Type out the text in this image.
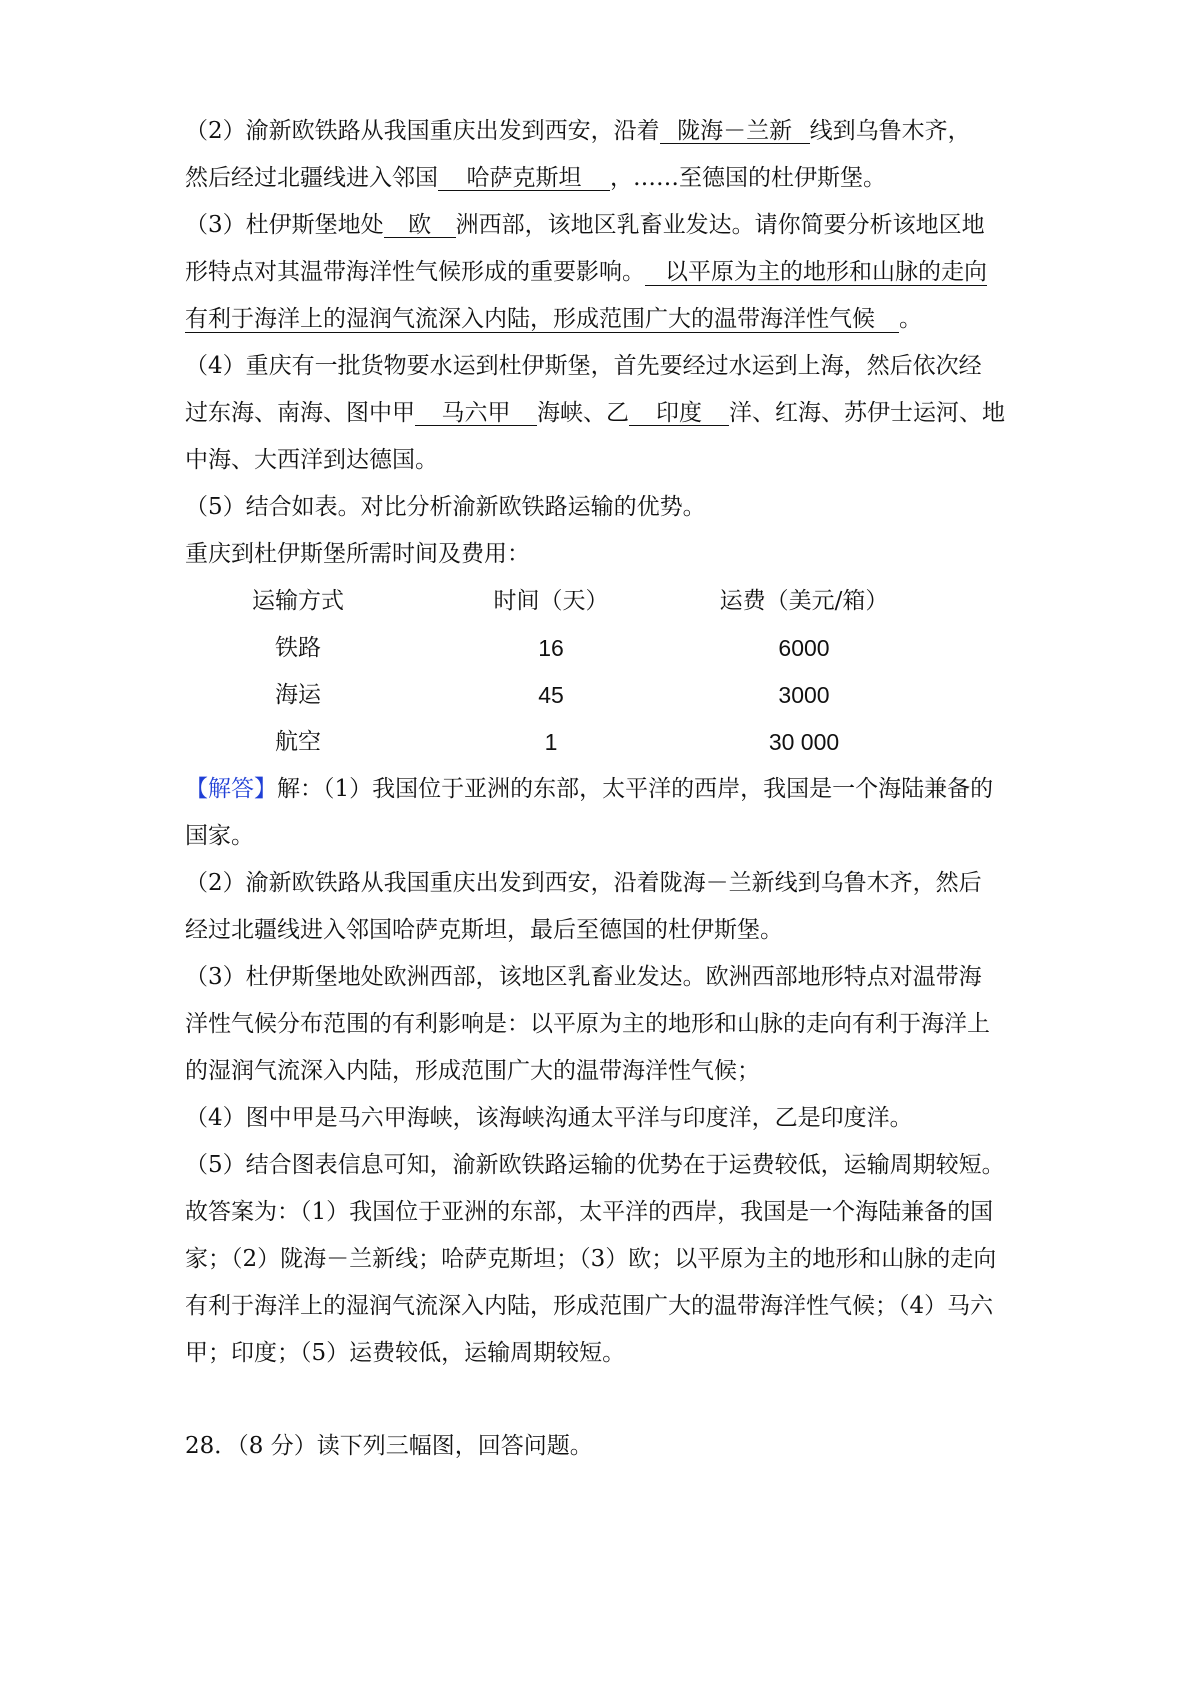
（2）渝新欧铁路从我国重庆出发到西安，沿着 陇海－兰新 线到乌鲁木齐，
然后经过北疆线进入邻国 哈萨克斯坦 ，……至德国的杜伊斯堡。
（3）杜伊斯堡地处 欧 洲西部，该地区乳畜业发达。请你简要分析该地区地
形特点对其温带海洋性气候形成的重要影响。 以平原为主的地形和山脉的走向
有利于海洋上的湿润气流深入内陆，形成范围广大的温带海洋性气候 。
（4）重庆有一批货物要水运到杜伊斯堡，首先要经过水运到上海，然后依次经
过东海、南海、图中甲 马六甲 海峡、乙 印度 洋、红海、苏伊士运河、地
中海、大西洋到达德国。
（5）结合如表。对比分析渝新欧铁路运输的优势。
重庆到杜伊斯堡所需时间及费用：
运输方式	时间（天）	运费（美元/箱）
铁路	16	6000
海运	45	3000
航空	1	30 000
【解答】解：（1）我国位于亚洲的东部，太平洋的西岸，我国是一个海陆兼备的
国家。
（2）渝新欧铁路从我国重庆出发到西安，沿着陇海－兰新线到乌鲁木齐，然后
经过北疆线进入邻国哈萨克斯坦，最后至德国的杜伊斯堡。
（3）杜伊斯堡地处欧洲西部，该地区乳畜业发达。欧洲西部地形特点对温带海
洋性气候分布范围的有利影响是：以平原为主的地形和山脉的走向有利于海洋上
的湿润气流深入内陆，形成范围广大的温带海洋性气候；
（4）图中甲是马六甲海峡，该海峡沟通太平洋与印度洋，乙是印度洋。
（5）结合图表信息可知，渝新欧铁路运输的优势在于运费较低，运输周期较短。
故答案为：（1）我国位于亚洲的东部，太平洋的西岸，我国是一个海陆兼备的国
家；（2）陇海－兰新线；哈萨克斯坦；（3）欧；以平原为主的地形和山脉的走向
有利于海洋上的湿润气流深入内陆，形成范围广大的温带海洋性气候；（4）马六
甲；印度；（5）运费较低，运输周期较短。
28．（8 分）读下列三幅图，回答问题。
